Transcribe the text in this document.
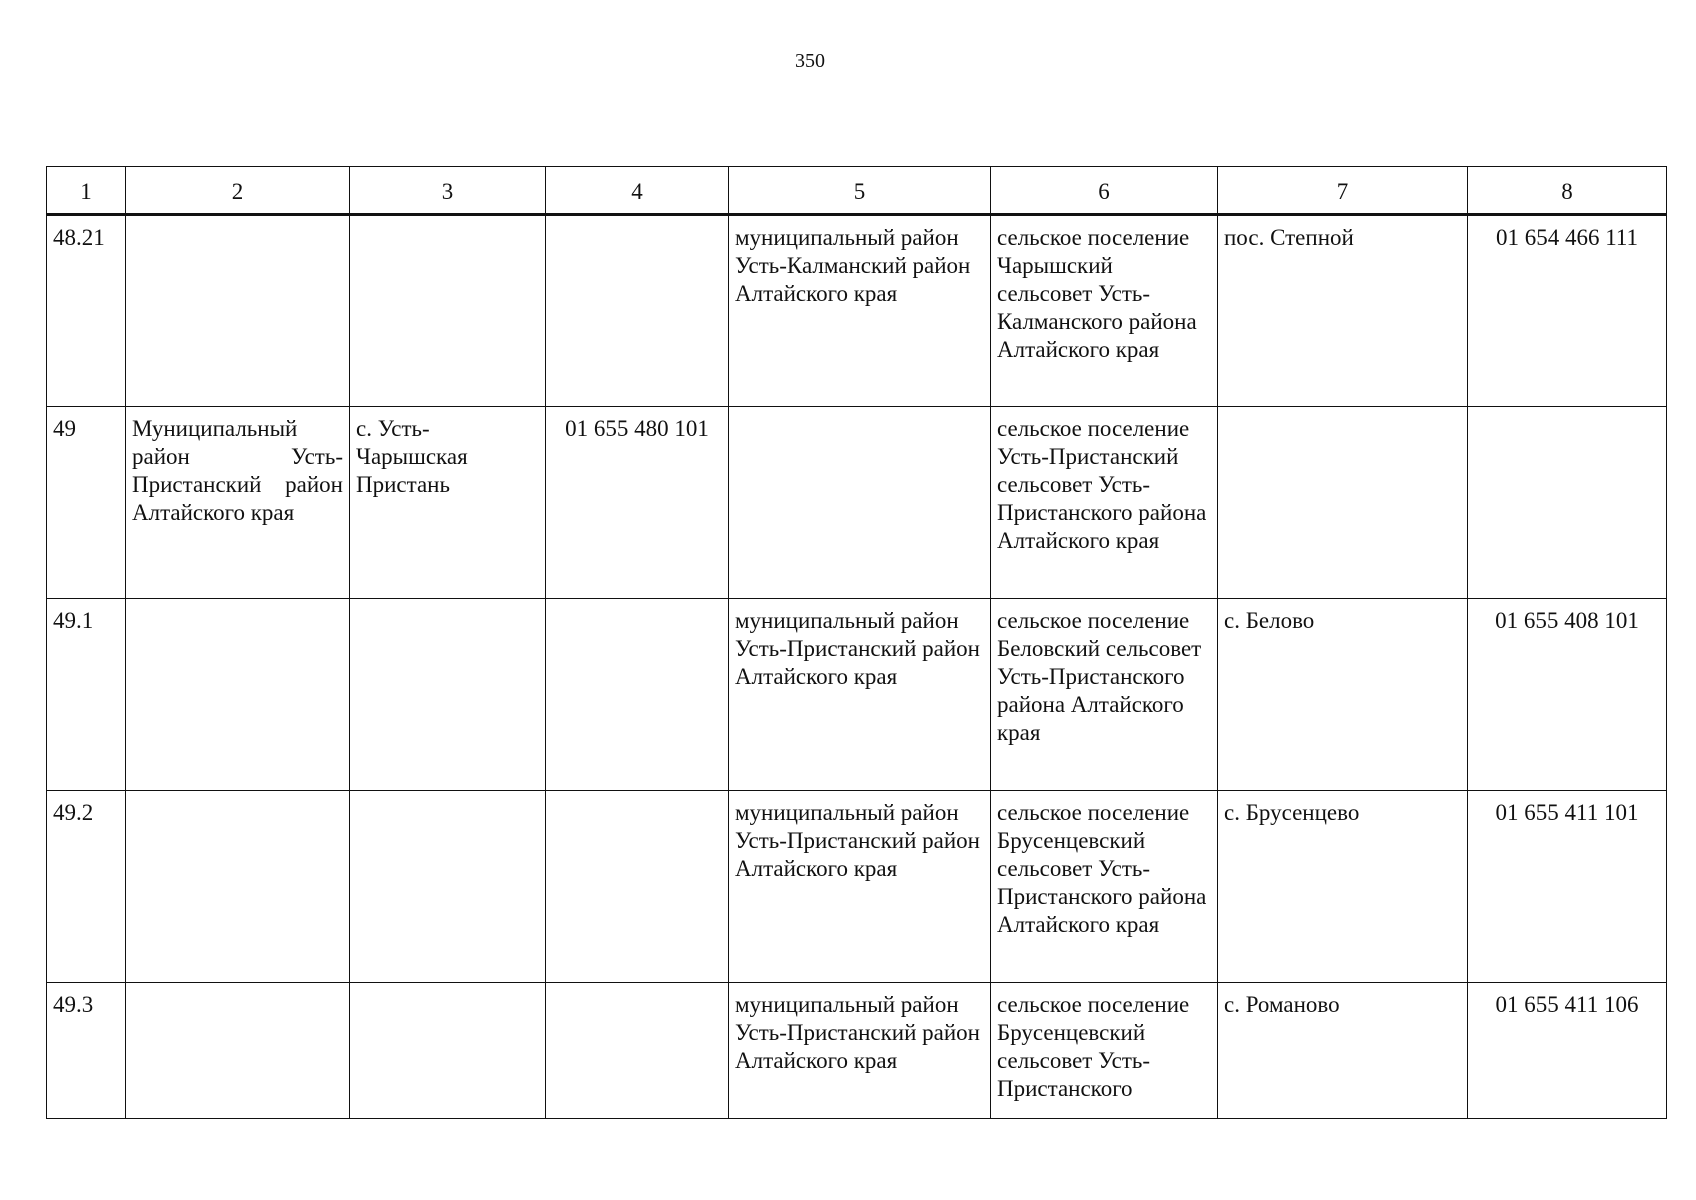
350
1	2	3	4	5	6	7	8
48.21				муниципальный район Усть-Калманский район Алтайского края	сельское поселение Чарышский сельсовет Усть-Калманского района Алтайского края	пос. Степной	01 654 466 111
49	Муниципальный район Усть-Пристанский район Алтайского края	с. Усть-Чарышская Пристань	01 655 480 101		сельское поселение Усть-Пристанский сельсовет Усть-Пристанского района Алтайского края		
49.1				муниципальный район Усть-Пристанский район Алтайского края	сельское поселение Беловский сельсовет Усть-Пристанского района Алтайского края	с. Белово	01 655 408 101
49.2				муниципальный район Усть-Пристанский район Алтайского края	сельское поселение Брусенцевский сельсовет Усть-Пристанского района Алтайского края	с. Брусенцево	01 655 411 101
49.3				муниципальный район Усть-Пристанский район Алтайского края	сельское поселение Брусенцевский сельсовет Усть-Пристанского	с. Романово	01 655 411 106
